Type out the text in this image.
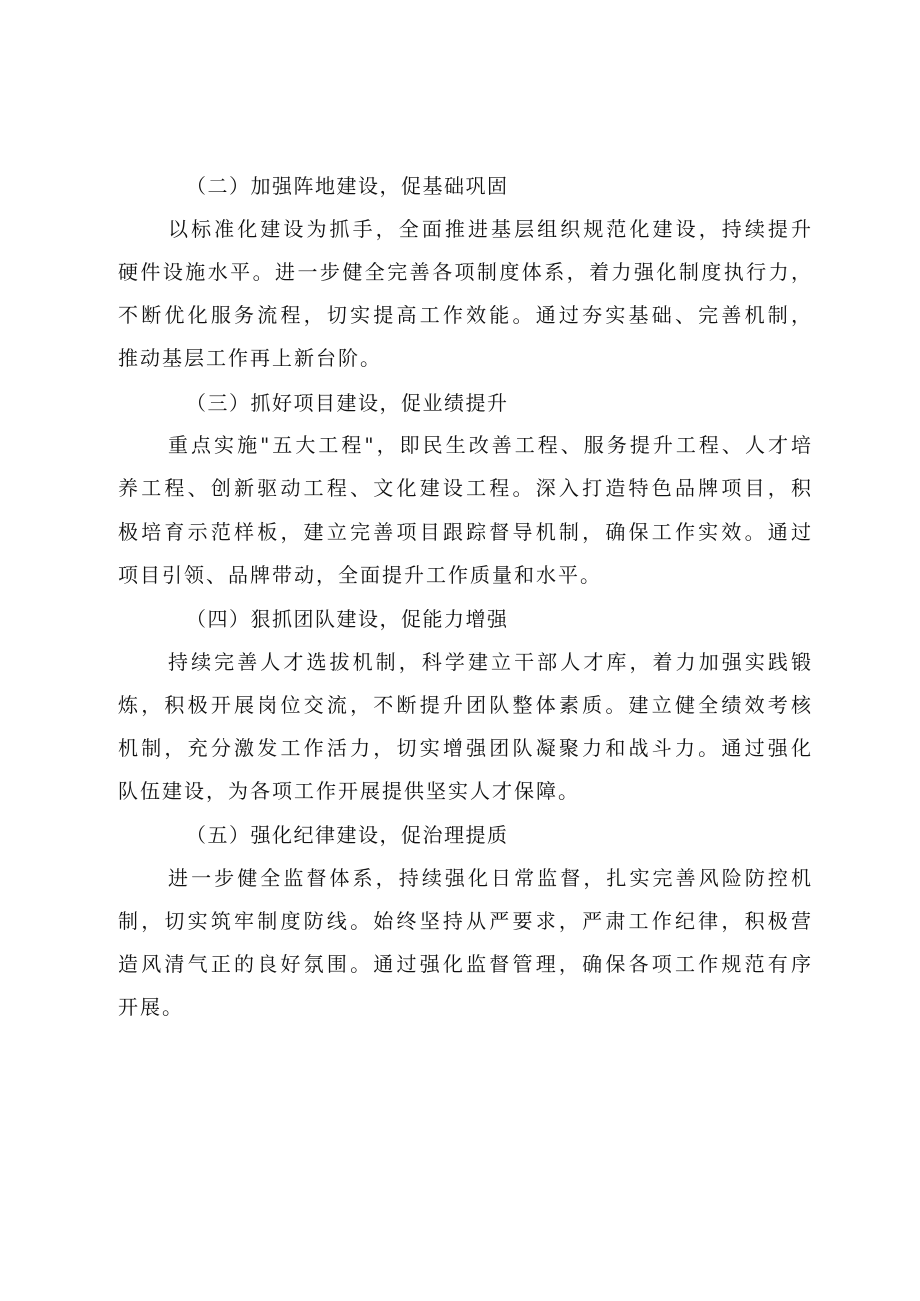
（二）加强阵地建设，促基础巩固
以标准化建设为抓手，全面推进基层组织规范化建设，持续提升
硬件设施水平。进一步健全完善各项制度体系，着力强化制度执行力，
不断优化服务流程，切实提高工作效能。通过夯实基础、完善机制，
推动基层工作再上新台阶。
（三）抓好项目建设，促业绩提升
重点实施"五大工程"，即民生改善工程、服务提升工程、人才培
养工程、创新驱动工程、文化建设工程。深入打造特色品牌项目，积
极培育示范样板，建立完善项目跟踪督导机制，确保工作实效。通过
项目引领、品牌带动，全面提升工作质量和水平。
（四）狠抓团队建设，促能力增强
持续完善人才选拔机制，科学建立干部人才库，着力加强实践锻
炼，积极开展岗位交流，不断提升团队整体素质。建立健全绩效考核
机制，充分激发工作活力，切实增强团队凝聚力和战斗力。通过强化
队伍建设，为各项工作开展提供坚实人才保障。
（五）强化纪律建设，促治理提质
进一步健全监督体系，持续强化日常监督，扎实完善风险防控机
制，切实筑牢制度防线。始终坚持从严要求，严肃工作纪律，积极营
造风清气正的良好氛围。通过强化监督管理，确保各项工作规范有序
开展。
